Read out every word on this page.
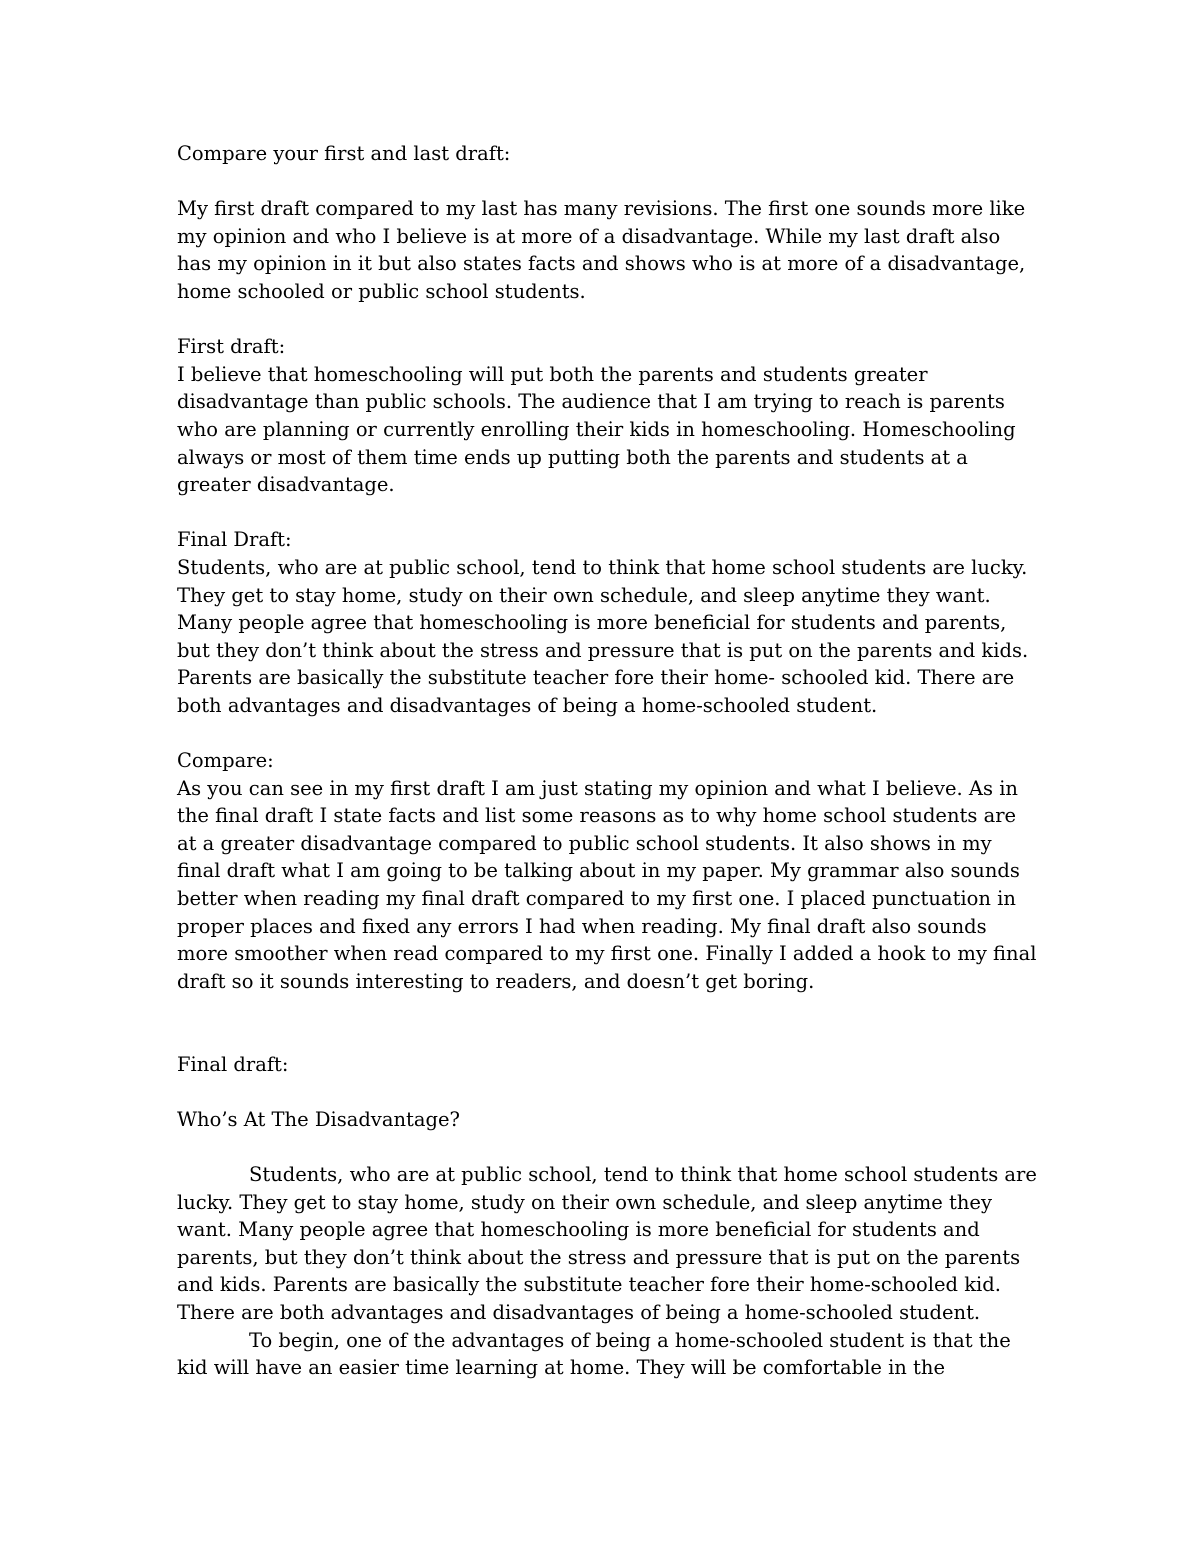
Compare your first and last draft:

My first draft compared to my last has many revisions. The first one sounds more like my opinion and who I believe is at more of a disadvantage. While my last draft also has my opinion in it but also states facts and shows who is at more of a disadvantage, home schooled or public school students.

First draft:

I believe that homeschooling will put both the parents and students greater disadvantage than public schools. The audience that I am trying to reach is parents who are planning or currently enrolling their kids in homeschooling. Homeschooling always or most of them time ends up putting both the parents and students at a greater disadvantage.

Final Draft:

Students, who are at public school, tend to think that home school students are lucky. They get to stay home, study on their own schedule, and sleep anytime they want. Many people agree that homeschooling is more beneficial for students and parents, but they don’t think about the stress and pressure that is put on the parents and kids. Parents are basically the substitute teacher fore their home- schooled kid. There are both advantages and disadvantages of being a home-schooled student.

Compare:

As you can see in my first draft I am just stating my opinion and what I believe. As in the final draft I state facts and list some reasons as to why home school students are at a greater disadvantage compared to public school students. It also shows in my final draft what I am going to be talking about in my paper. My grammar also sounds better when reading my final draft compared to my first one. I placed punctuation in proper places and fixed any errors I had when reading. My final draft also sounds more smoother when read compared to my first one. Finally I added a hook to my final draft so it sounds interesting to readers, and doesn’t get boring.

Final draft:

Who’s At The Disadvantage?

Students, who are at public school, tend to think that home school students are lucky. They get to stay home, study on their own schedule, and sleep anytime they want. Many people agree that homeschooling is more beneficial for students and parents, but they don’t think about the stress and pressure that is put on the parents and kids. Parents are basically the substitute teacher fore their home-schooled kid. There are both advantages and disadvantages of being a home-schooled student.

To begin, one of the advantages of being a home-schooled student is that the kid will have an easier time learning at home. They will be comfortable in the
